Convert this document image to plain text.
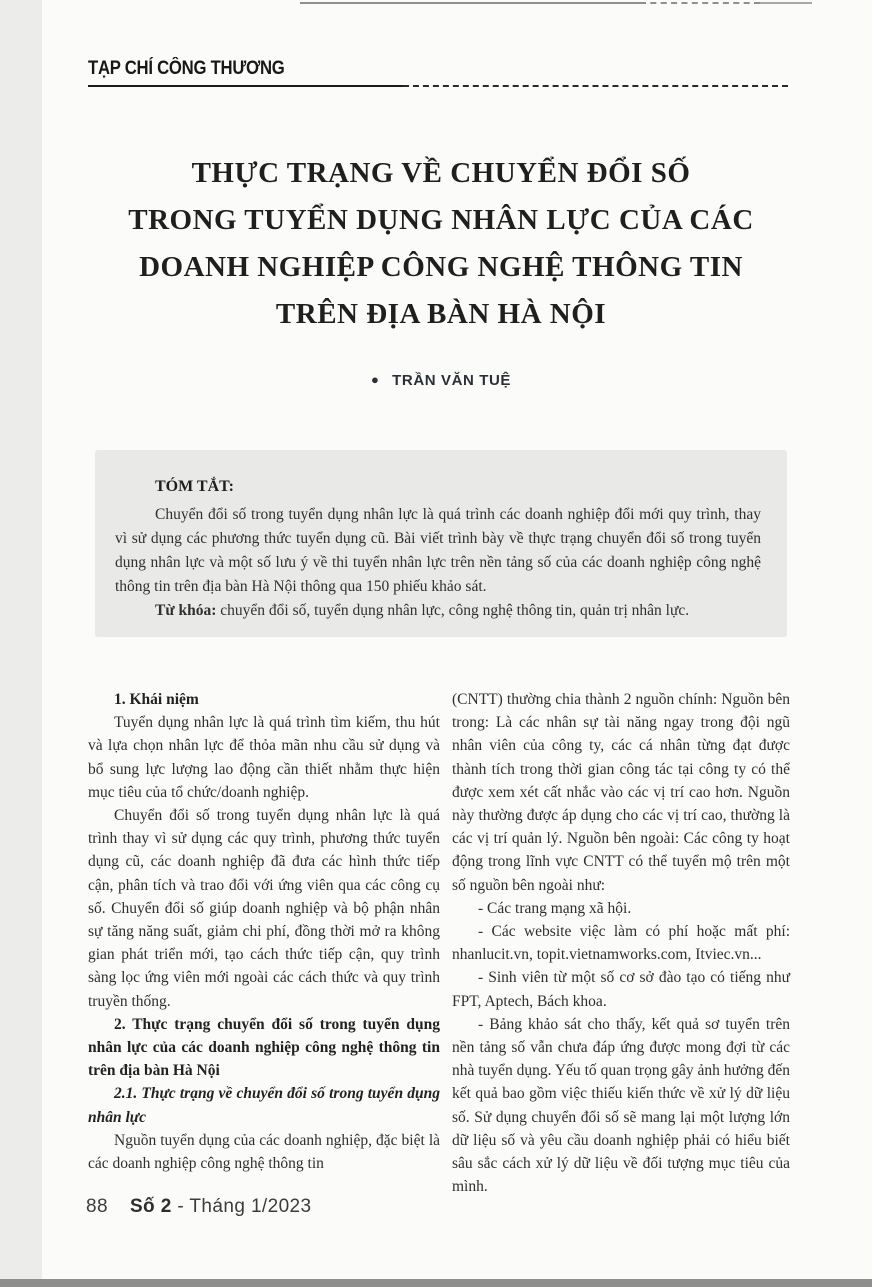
TẠP CHÍ CÔNG THƯƠNG
THỰC TRẠNG VỀ CHUYỂN ĐỔI SỐ
TRONG TUYỂN DỤNG NHÂN LỰC CỦA CÁC
DOANH NGHIỆP CÔNG NGHỆ THÔNG TIN
TRÊN ĐỊA BÀN HÀ NỘI
● TRẦN VĂN TUỆ
TÓM TẮT:

Chuyển đổi số trong tuyển dụng nhân lực là quá trình các doanh nghiệp đổi mới quy trình, thay vì sử dụng các phương thức tuyển dụng cũ. Bài viết trình bày về thực trạng chuyển đổi số trong tuyển dụng nhân lực và một số lưu ý về thi tuyển nhân lực trên nền tảng số của các doanh nghiệp công nghệ thông tin trên địa bàn Hà Nội thông qua 150 phiếu khảo sát.

Từ khóa: chuyển đổi số, tuyển dụng nhân lực, công nghệ thông tin, quản trị nhân lực.

1. Khái niệm

Tuyển dụng nhân lực là quá trình tìm kiếm, thu hút và lựa chọn nhân lực để thỏa mãn nhu cầu sử dụng và bổ sung lực lượng lao động cần thiết nhằm thực hiện mục tiêu của tổ chức/doanh nghiệp.

Chuyển đổi số trong tuyển dụng nhân lực là quá trình thay vì sử dụng các quy trình, phương thức tuyển dụng cũ, các doanh nghiệp đã đưa các hình thức tiếp cận, phân tích và trao đổi với ứng viên qua các công cụ số. Chuyển đổi số giúp doanh nghiệp và bộ phận nhân sự tăng năng suất, giảm chi phí, đồng thời mở ra không gian phát triển mới, tạo cách thức tiếp cận, quy trình sàng lọc ứng viên mới ngoài các cách thức và quy trình truyền thống.

2. Thực trạng chuyển đổi số trong tuyển dụng nhân lực của các doanh nghiệp công nghệ thông tin trên địa bàn Hà Nội

2.1. Thực trạng về chuyển đổi số trong tuyển dụng nhân lực

Nguồn tuyển dụng của các doanh nghiệp, đặc biệt là các doanh nghiệp công nghệ thông tin

(CNTT) thường chia thành 2 nguồn chính: Nguồn bên trong: Là các nhân sự tài năng ngay trong đội ngũ nhân viên của công ty, các cá nhân từng đạt được thành tích trong thời gian công tác tại công ty có thể được xem xét cất nhắc vào các vị trí cao hơn. Nguồn này thường được áp dụng cho các vị trí cao, thường là các vị trí quản lý. Nguồn bên ngoài: Các công ty hoạt động trong lĩnh vực CNTT có thể tuyển mộ trên một số nguồn bên ngoài như:

- Các trang mạng xã hội.

- Các website việc làm có phí hoặc mất phí: nhanlucit.vn, topit.vietnamworks.com, Itviec.vn...

- Sinh viên từ một số cơ sở đào tạo có tiếng như FPT, Aptech, Bách khoa.

- Bảng khảo sát cho thấy, kết quả sơ tuyển trên nền tảng số vẫn chưa đáp ứng được mong đợi từ các nhà tuyển dụng. Yếu tố quan trọng gây ảnh hưởng đến kết quả bao gồm việc thiếu kiến thức về xử lý dữ liệu số. Sử dụng chuyển đổi số sẽ mang lại một lượng lớn dữ liệu số và yêu cầu doanh nghiệp phải có hiểu biết sâu sắc cách xử lý dữ liệu về đối tượng mục tiêu của mình.

88 Số 2 - Tháng 1/2023
